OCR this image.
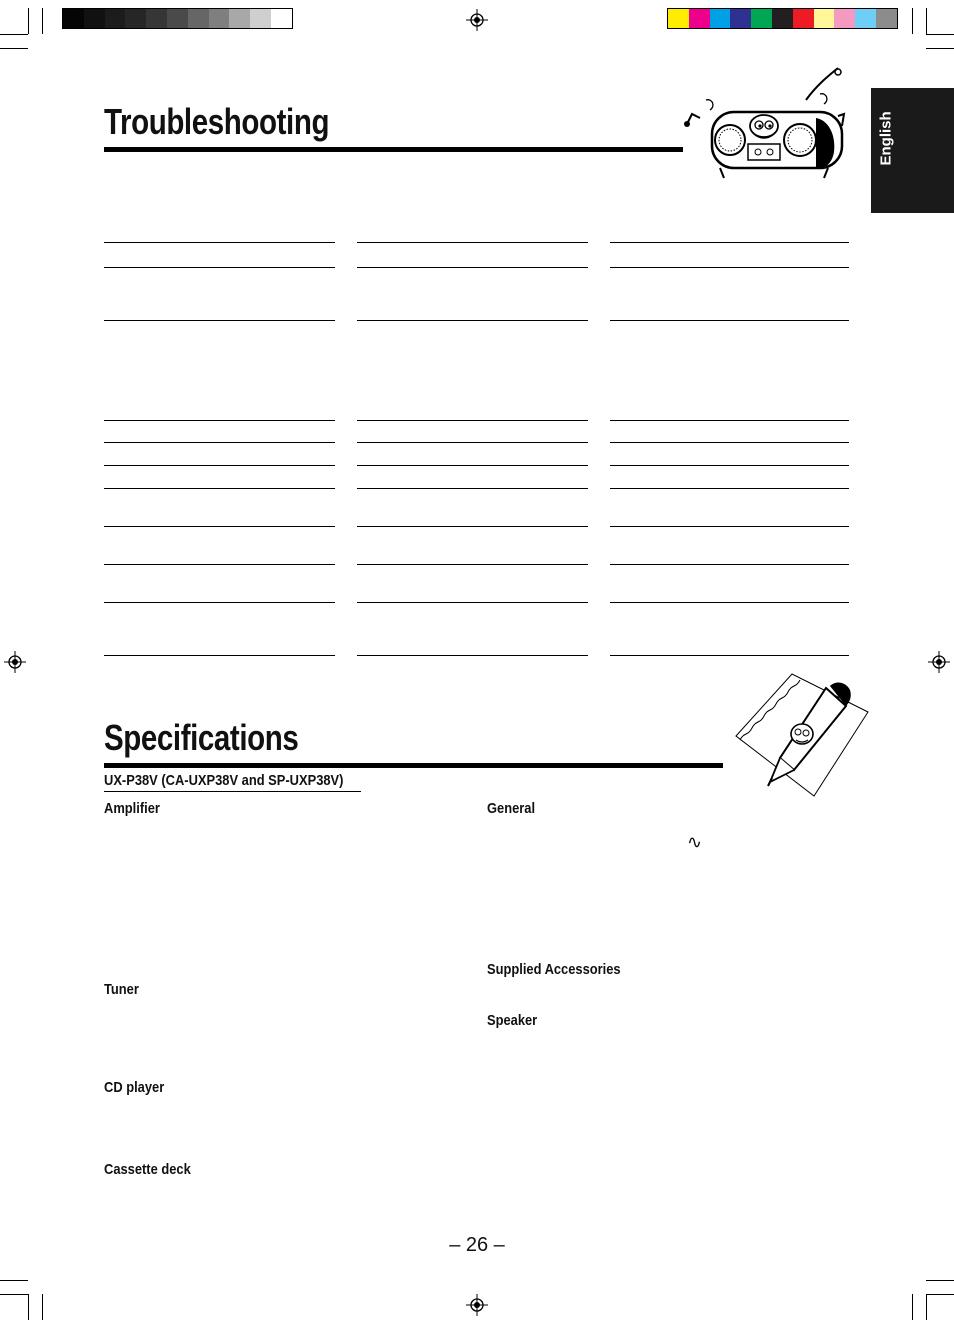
English
Troubleshooting
Specifications
UX-P38V (CA-UXP38V and SP-UXP38V)
Amplifier
Tuner
CD player
Cassette deck
General
∿
Supplied Accessories
Speaker
– 26 –
